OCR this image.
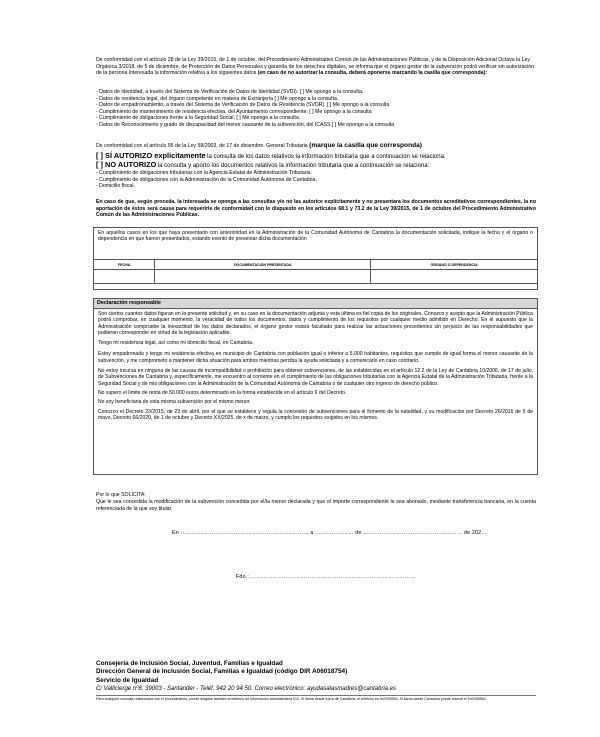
De conformidad con el artículo 28 de la Ley 39/2015, de 1 de octubre, del Procedimiento Administrativo Común de las Administraciones Públicas, y de la Disposición Adicional Octava la Ley Orgánica 3/2018, de 5 de diciembre, de Protección de Datos Personales y garantía de los derechos digitales, se informa que el órgano gestor de la subvención podrá verificar sin autorización de la persona interesada la información relativa a los siguientes datos (en caso de no autorizar la consulta, deberá oponerse marcando la casilla que corresponda):
- Datos de identidad, a través del Sistema de Verificación de Datos de Identidad (SVDI). [ ] Me opongo a la consulta.
- Datos de residencia legal, del órgano competente en materia de Extranjería [ ] Me opongo a la consulta.
- Datos de empadronamiento, a través del Sistema de Verificación de Datos de Residencia (SVDR). [ ] Me opongo a la consulta
- Cumplimiento de mantenimiento de residencia efectiva, del Ayuntamiento correspondiente. [ ] Me opongo a la consulta
- Cumplimiento de obligaciones frente a la Seguridad Social, [ ] Me opongo a la consulta.
- Datos de Reconocimiento y grado de discapacidad del menor causante de la subvención, del ICASS [ ] Me opongo a la consulta
De conformidad con el artículo 95 de la Ley 58/2003, de 17 de diciembre, General Tributaria (marque la casilla que corresponda)
[ ] SÍ AUTORIZO explícitamente la consulta de los datos relativos la información tributaria que a continuación se relaciona:
[ ] NO AUTORIZO la consulta y aporto los documentos relativos la información tributaria que a continuación se relaciona:
- Cumplimiento de obligaciones tributarias con la Agencia Estatal de Administración Tributaria.
- Cumplimiento de obligaciones con la Administración de la Comunidad Autónoma de Cantabria.
- Domicilio fiscal.
En caso de que, según proceda, la interesada se oponga a las consultas y/o no las autorice explícitamente y no presentara los documentos acreditativos correspondientes, la no aportación de éstos será causa para requerirle de conformidad con lo dispuesto en los artículos 68.1 y 73.2 de la Ley 39/2015, de 1 de octubre del Procedimiento Administrativo Común de las Administraciones Públicas.
En aquellos casos en los que haya presentado con anterioridad en la Administración de la Comunidad Autónoma de Cantabria la documentación solicitada, indique la fecha y el órgano o dependencia en que fueron presentados, estando exento de presentar dicha documentación
FECHA	DOCUMENTACIÓN PRESENTADA	ÓRGANO O DEPENDENCIA

Declaración responsable
Son ciertos cuantos datos figuran en la presente solicitud y, en su caso en la documentación adjunta y esta última es fiel copia de los originales. Conozco y acepto que la Administración Pública podrá comprobar, en cualquier momento, la veracidad de todos los documentos, datos y cumplimiento de los requisitos por cualquier medio admitido en Derecho. En el supuesto que la Administración compruebe la inexactitud de los datos declarados, el órgano gestor estará facultado para realizar las actuaciones procedentes sin perjuicio de las responsabilidades que pudieran corresponder en virtud de la legislación aplicable.
Tengo mi residencia legal, así como mi domicilio fiscal, en Cantabria.
Estoy empadronada y tengo mi residencia efectiva en municipio de Cantabria con población igual o inferior a 5.000 habitantes, requisitos que cumple de igual forma el menor causante de la subvención, y me comprometo a mantener dicha situación para ambos mientras perciba la ayuda solicitada y a comunicarlo en caso contrario.
No estoy incursa en ninguna de las causas de incompatibilidad o prohibición para obtener subvenciones, de las establecidas en el artículo 12.2 de la Ley de Cantabria 10/2006, de 17 de julio, de Subvenciones de Cantabria y, específicamente, me encuentro al corriente en el cumplimiento de las obligaciones tributarias con la Agencia Estatal de la Administración Tributaria, frente a la Seguridad Social y de mis obligaciones con la Administración de la Comunidad Autónoma de Cantabria o de cualquier otro ingreso de derecho público.
No supero el límite de renta de 50.000 euros determinado en la forma establecida en el artículo 6 del Decreto.
No soy beneficiaria de esta misma subvención por el mismo menor.
Conozco el Decreto 23/2015, de 23 de abril, por el que se establece y regula la concesión de subvenciones para el fomento de la natalidad, y su modificación por Decreto 26/2016 de 5 de mayo, Decreto 66/2020, de 1 de octubre y Decreto XX/2025, de x de marzo, y cumplo los requisitos exigidos en los mismos.
Por lo que SOLICITA:
Que le sea concedida la modificación de la subvención concedida por el/la menor declarada y que el importe correspondiente le sea abonado, mediante transferencia bancaria, en la cuenta referenciada de la que soy titular.
En ……………………………………………………………, a ………………… de ……………………………………………… de 202…
Fdo.: ………………………………………………………………………………
Consejería de Inclusión Social, Juventud, Familias e Igualdad
Dirección General de Inclusión Social, Familias e Igualdad (código DIR A06018754)
Servicio de Igualdad
C/ Vallicierge nº8, 39003 - Santander - Teléf. 942 20 94 50. Correo electrónico: ayudasalasmadres@cantabria.es
Para cualquier consulta relacionada con el procedimiento, puede dirigirse también al teléfono de información administrativa 012. Si llama desde fuera de Cantabria, el teléfono es 942395563. Si llama desde Cantabria puede marcar el 942395562.
